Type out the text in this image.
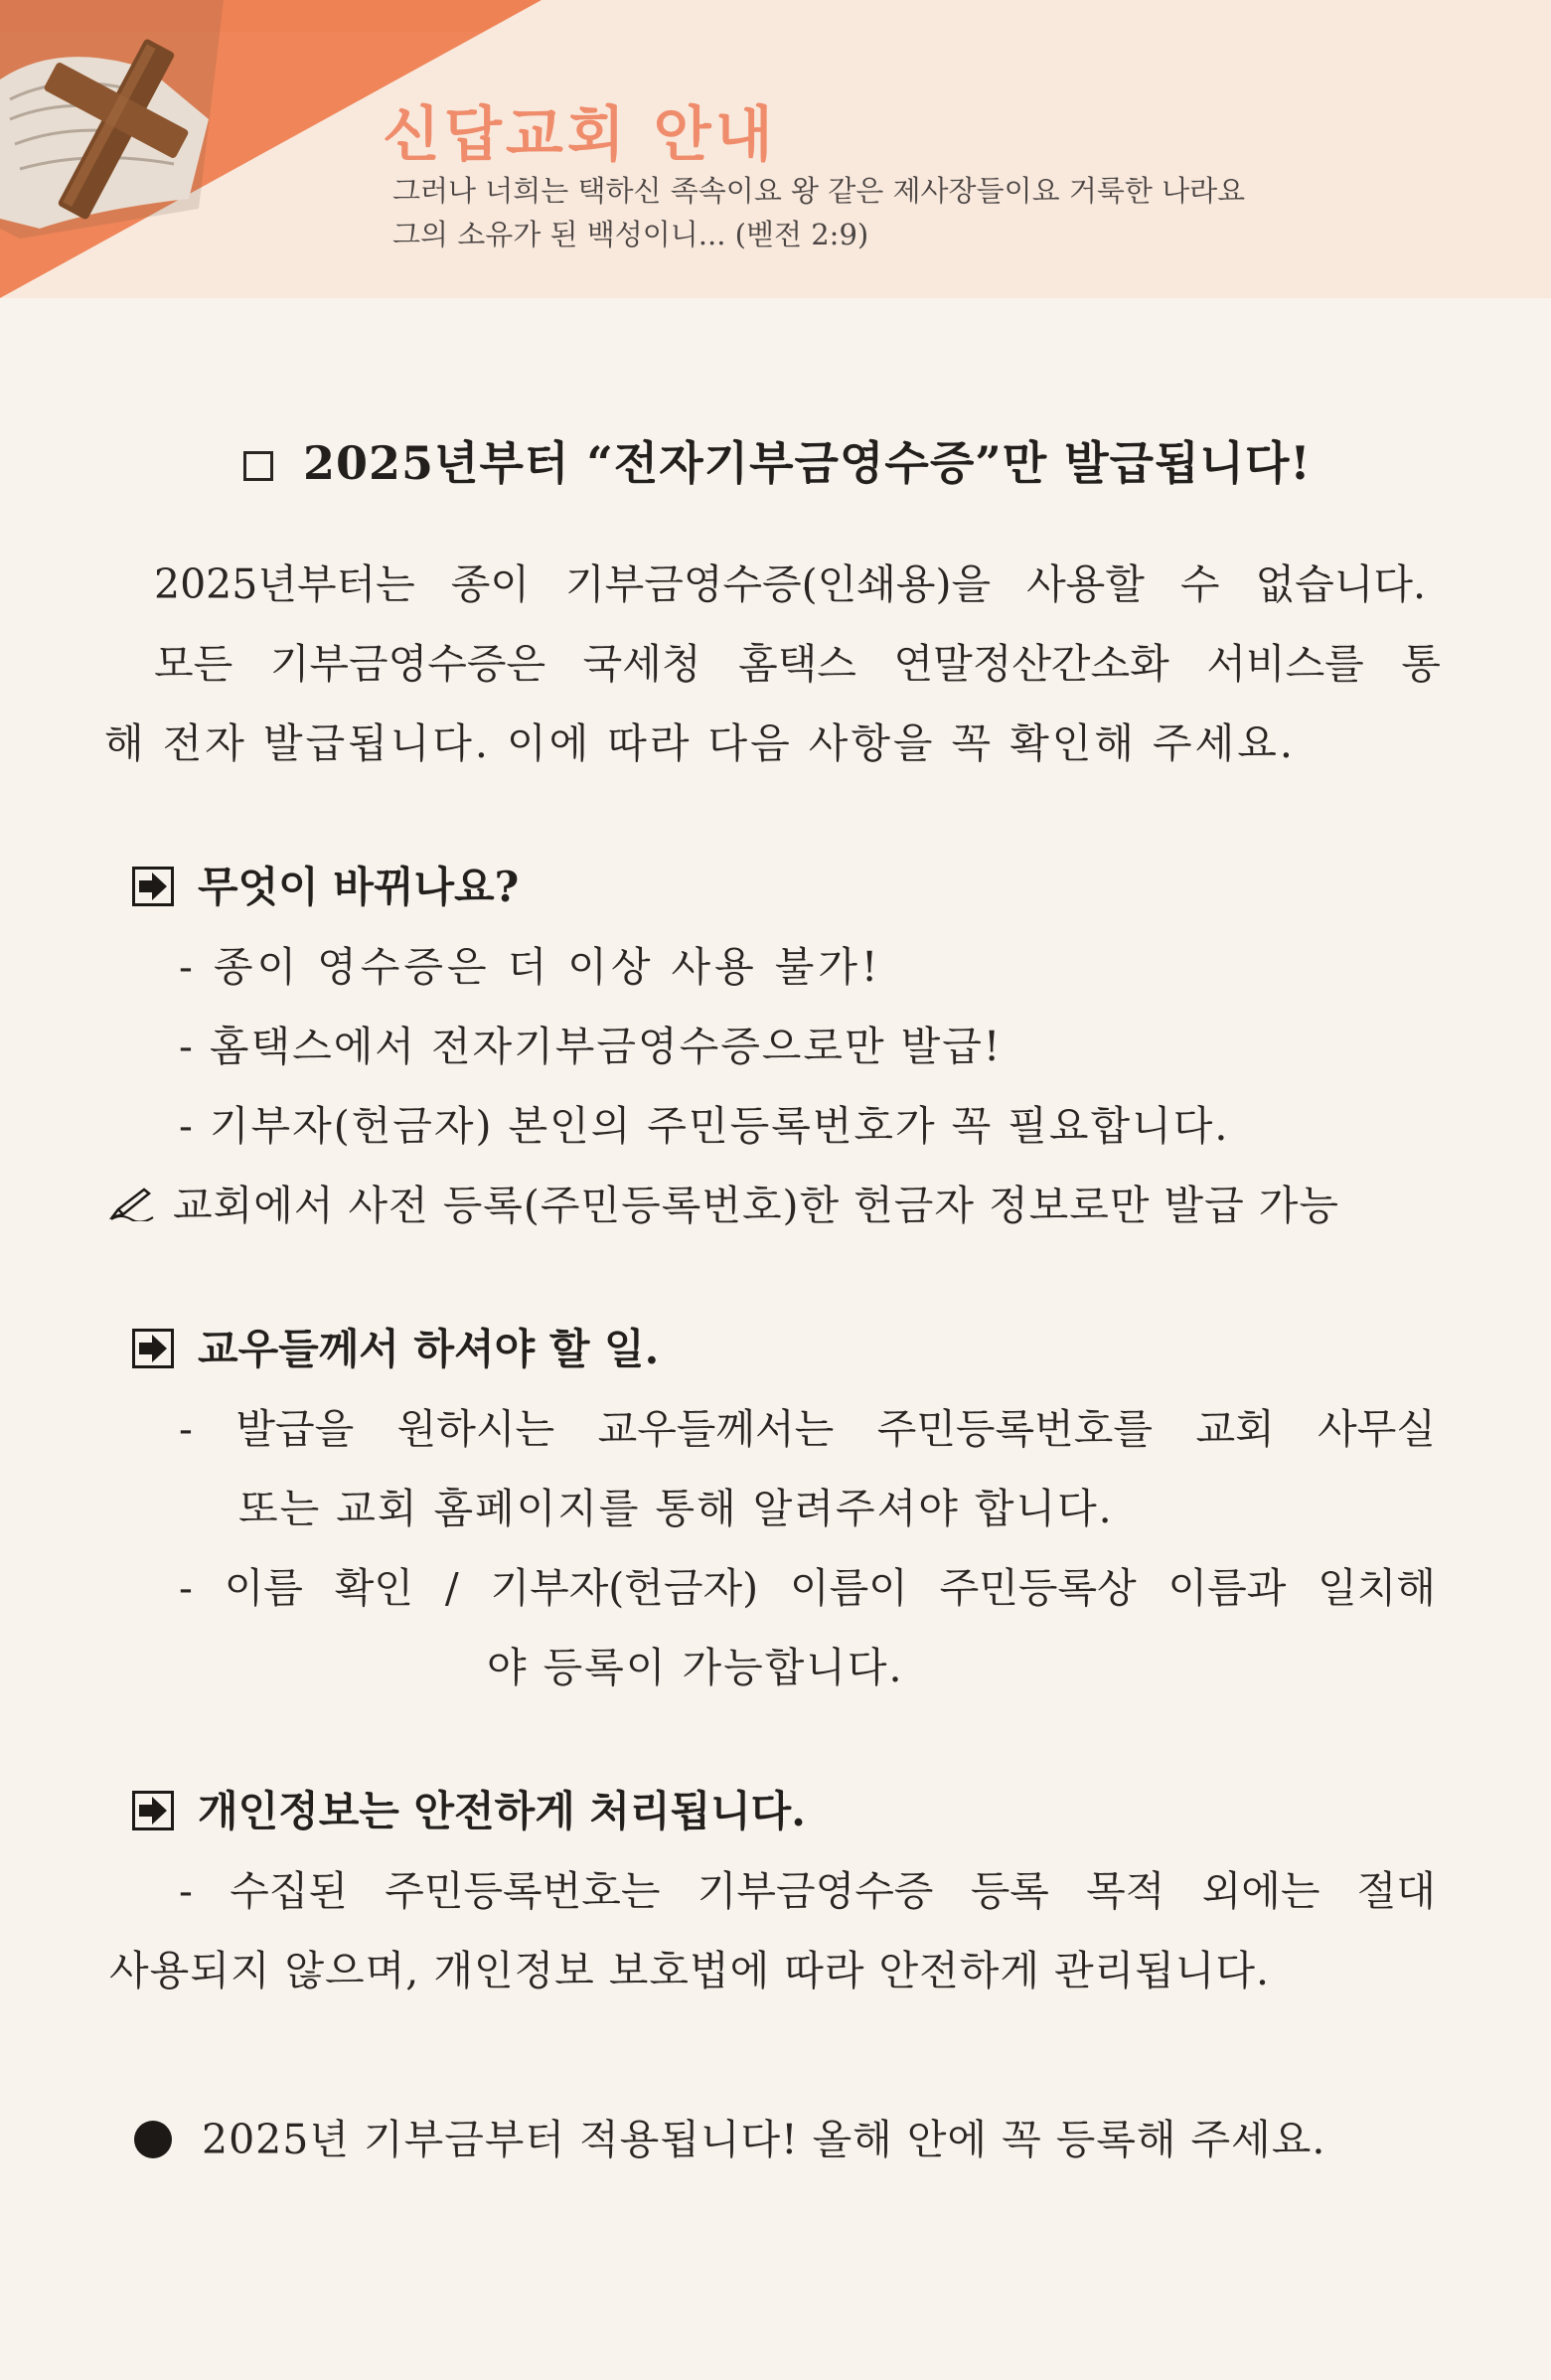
신답교회 안내
그러나 너희는 택하신 족속이요 왕 같은 제사장들이요 거룩한 나라요
그의 소유가 된 백성이니... (벧전 2:9)
2025년부터 “전자기부금영수증”만 발급됩니다!
2025년부터는 종이 기부금영수증(인쇄용)을 사용할 수 없습니다.
모든 기부금영수증은 국세청 홈택스 연말정산간소화 서비스를 통
해 전자 발급됩니다. 이에 따라 다음 사항을 꼭 확인해 주세요.
무엇이 바뀌나요?
- 종이 영수증은 더 이상 사용 불가!
- 홈택스에서 전자기부금영수증으로만 발급!
- 기부자(헌금자) 본인의 주민등록번호가 꼭 필요합니다.
교회에서 사전 등록(주민등록번호)한 헌금자 정보로만 발급 가능
교우들께서 하셔야 할 일.
- 발급을 원하시는 교우들께서는 주민등록번호를 교회 사무실
또는 교회 홈페이지를 통해 알려주셔야 합니다.
- 이름 확인 / 기부자(헌금자) 이름이 주민등록상 이름과 일치해
야 등록이 가능합니다.
개인정보는 안전하게 처리됩니다.
- 수집된 주민등록번호는 기부금영수증 등록 목적 외에는 절대
사용되지 않으며, 개인정보 보호법에 따라 안전하게 관리됩니다.
2025년 기부금부터 적용됩니다! 올해 안에 꼭 등록해 주세요.
